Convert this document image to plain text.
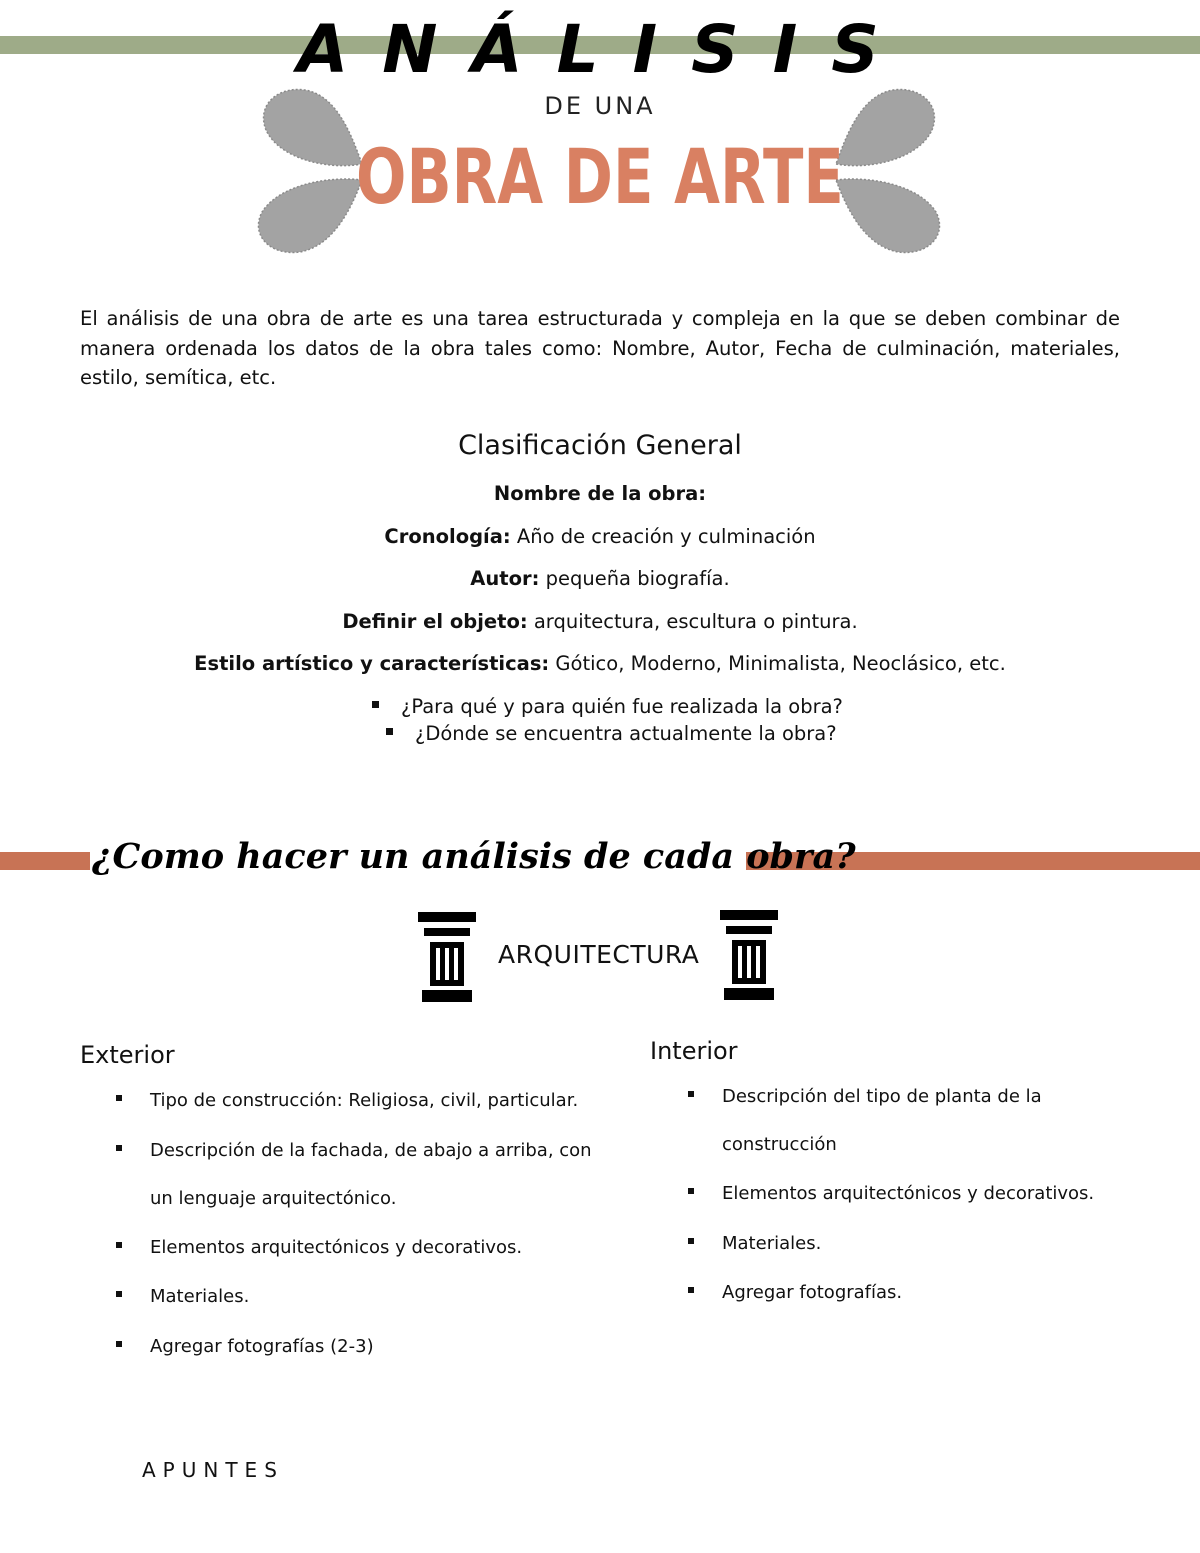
ANÁLISIS
DE UNA
OBRA DE ARTE
El análisis de una obra de arte es una tarea estructurada y compleja en la que se deben combinar de manera ordenada los datos de la obra tales como: Nombre, Autor, Fecha de culminación, materiales, estilo, semítica, etc.
Clasificación General
Nombre de la obra:
Cronología: Año de creación y culminación
Autor: pequeña biografía.
Definir el objeto: arquitectura, escultura o pintura.
Estilo artístico y características: Gótico, Moderno, Minimalista, Neoclásico, etc.
¿Para qué y para quién fue realizada la obra?
¿Dónde se encuentra actualmente la obra?
¿Como hacer un análisis de cada obra?
ARQUITECTURA
Exterior
Tipo de construcción: Religiosa, civil, particular.
Descripción de la fachada, de abajo a arriba, con
un lenguaje arquitectónico.
Elementos arquitectónicos y decorativos.
Materiales.
Agregar fotografías (2-3)
Interior
Descripción del tipo de planta de la
construcción
Elementos arquitectónicos y decorativos.
Materiales.
Agregar fotografías.
APUNTES
